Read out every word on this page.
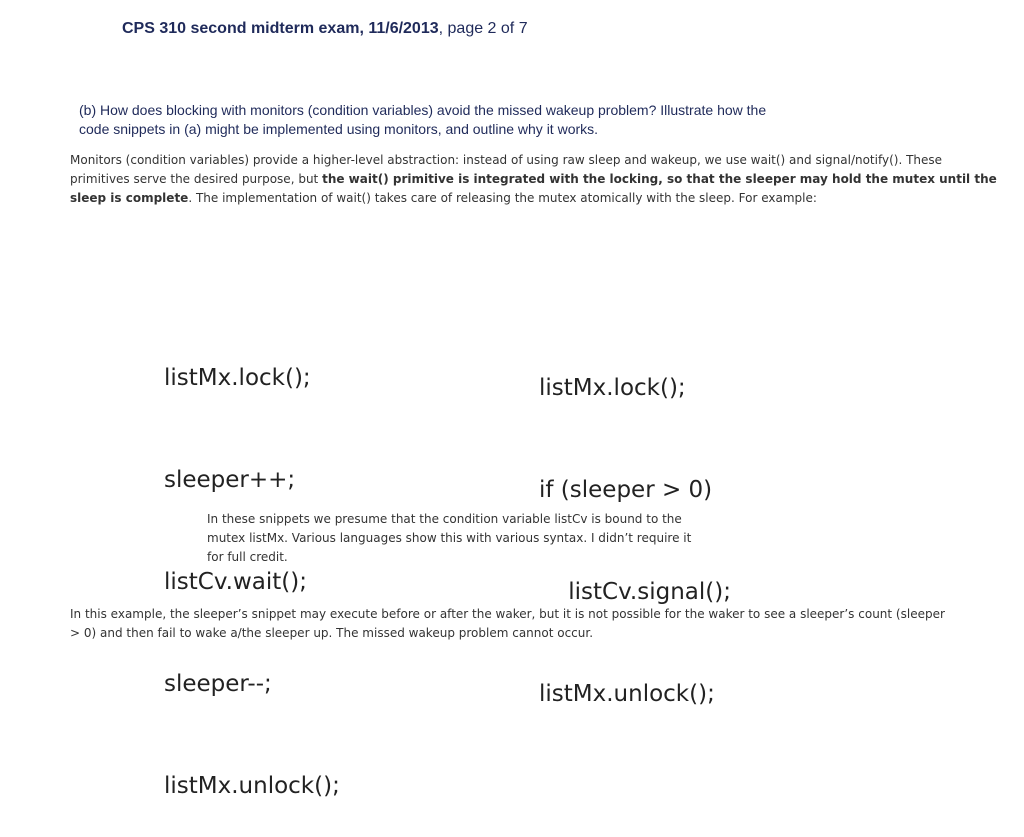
CPS 310 second midterm exam, 11/6/2013, page 2 of 7
(b) How does blocking with monitors (condition variables) avoid the missed wakeup problem? Illustrate how the
code snippets in (a) might be implemented using monitors, and outline why it works.
Monitors (condition variables) provide a higher-level abstraction: instead of using raw sleep and wakeup, we use wait() and signal/notify(). These
primitives serve the desired purpose, but the wait() primitive is integrated with the locking, so that the sleeper may hold the mutex until the
sleep is complete. The implementation of wait() takes care of releasing the mutex atomically with the sleep. For example:

listMx.lock();

sleeper++;

listCv.wait();

sleeper--;

listMx.unlock();

listMx.lock();

if (sleeper > 0)

listCv.signal();

listMx.unlock();

In these snippets we presume that the condition variable listCv is bound to the
mutex listMx. Various languages show this with various syntax. I didn’t require it
for full credit.
In this example, the sleeper’s snippet may execute before or after the waker, but it is not possible for the waker to see a sleeper’s count (sleeper
> 0) and then fail to wake a/the sleeper up. The missed wakeup problem cannot occur.
